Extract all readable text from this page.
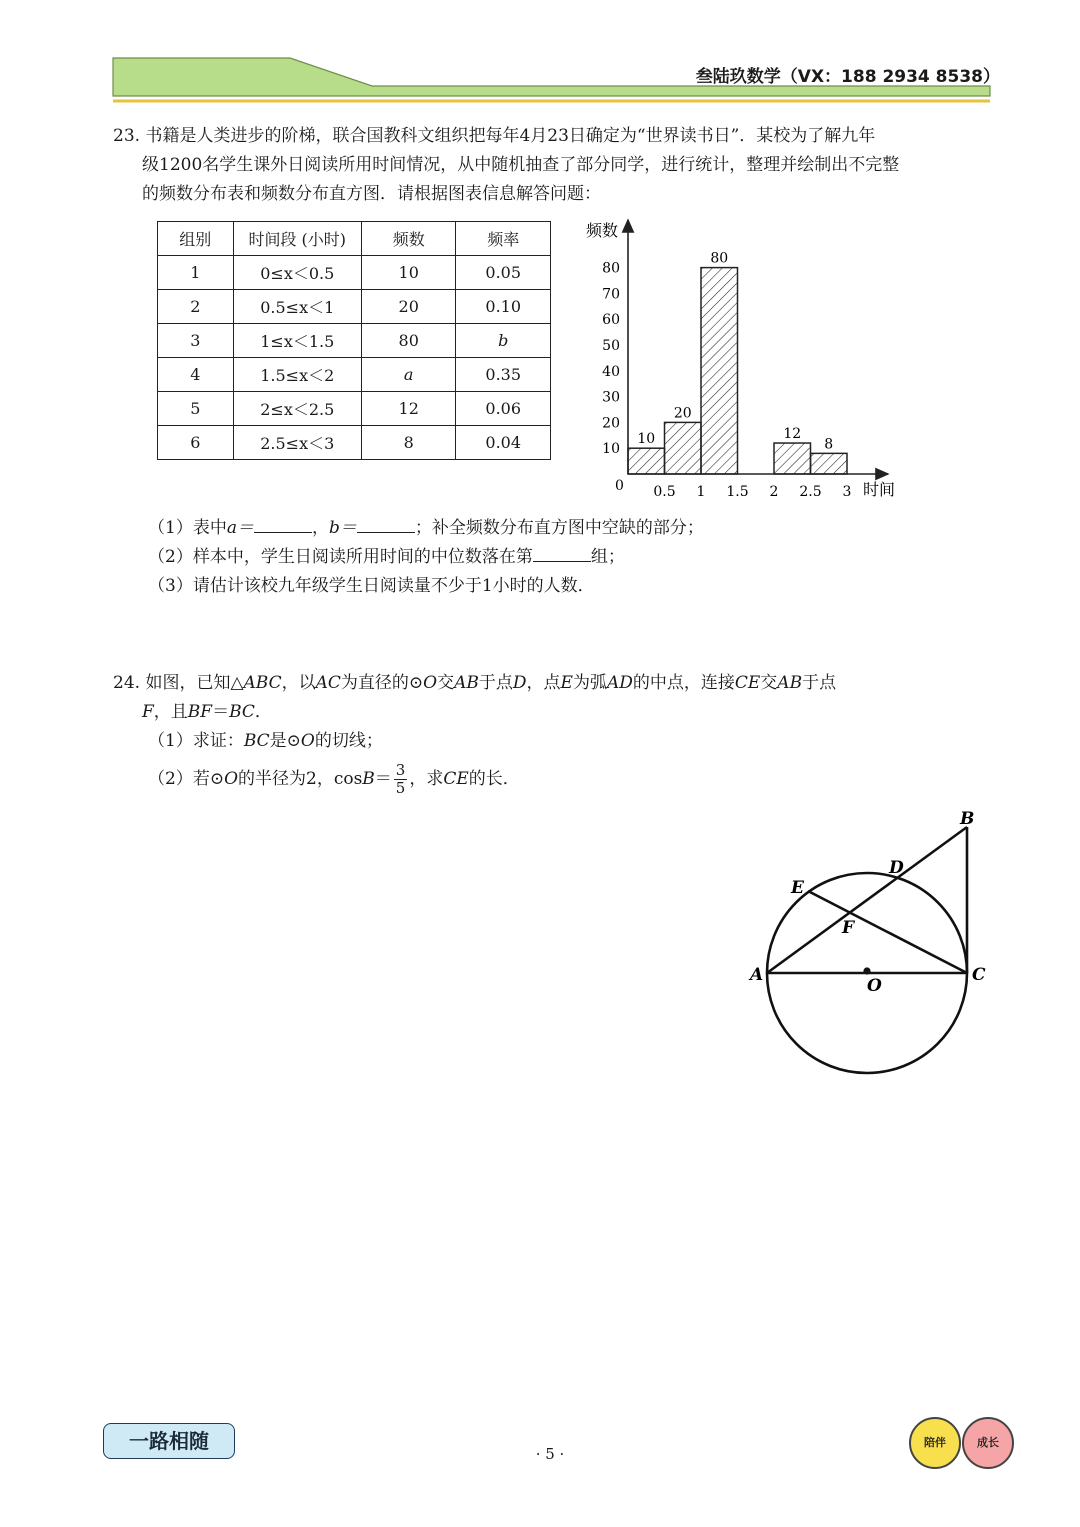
叁陆玖数学（VX：188 2934 8538）
23. 书籍是人类进步的阶梯，联合国教科文组织把每年4月23日确定为“世界读书日”．某校为了解九年
级1200名学生课外日阅读所用时间情况，从中随机抽查了部分同学，进行统计，整理并绘制出不完整
的频数分布表和频数分布直方图．请根据图表信息解答问题：
组别	时间段 (小时)	频数	频率
1	0≤x＜0.5	10	0.05
2	0.5≤x＜1	20	0.10
3	1≤x＜1.5	80	b
4	1.5≤x＜2	a	0.35
5	2≤x＜2.5	12	0.06
6	2.5≤x＜3	8	0.04	10
20
80
12
8
10
20
30
40
50
60
70
80
0.5 1 1.5 2 2.5 3
频数
时间
0
（1）表中a＝	，b＝	；补全频数分布直方图中空缺的部分；
（2）样本中，学生日阅读所用时间的中位数落在第	组；
（3）请估计该校九年级学生日阅读量不少于1小时的人数．
24. 如图，已知△ABC，以AC为直径的⊙O交AB于点D，点E为弧AD的中点，连接CE交AB于点
F，且BF＝BC．
（1）求证：BC是⊙O的切线；
（2）若⊙O的半径为2，$\cos B= \frac{3}{5}$ ，求CE的长．
A
B
C
D
E
F
O
一路相随
· 5 ·
陪伴	成长
